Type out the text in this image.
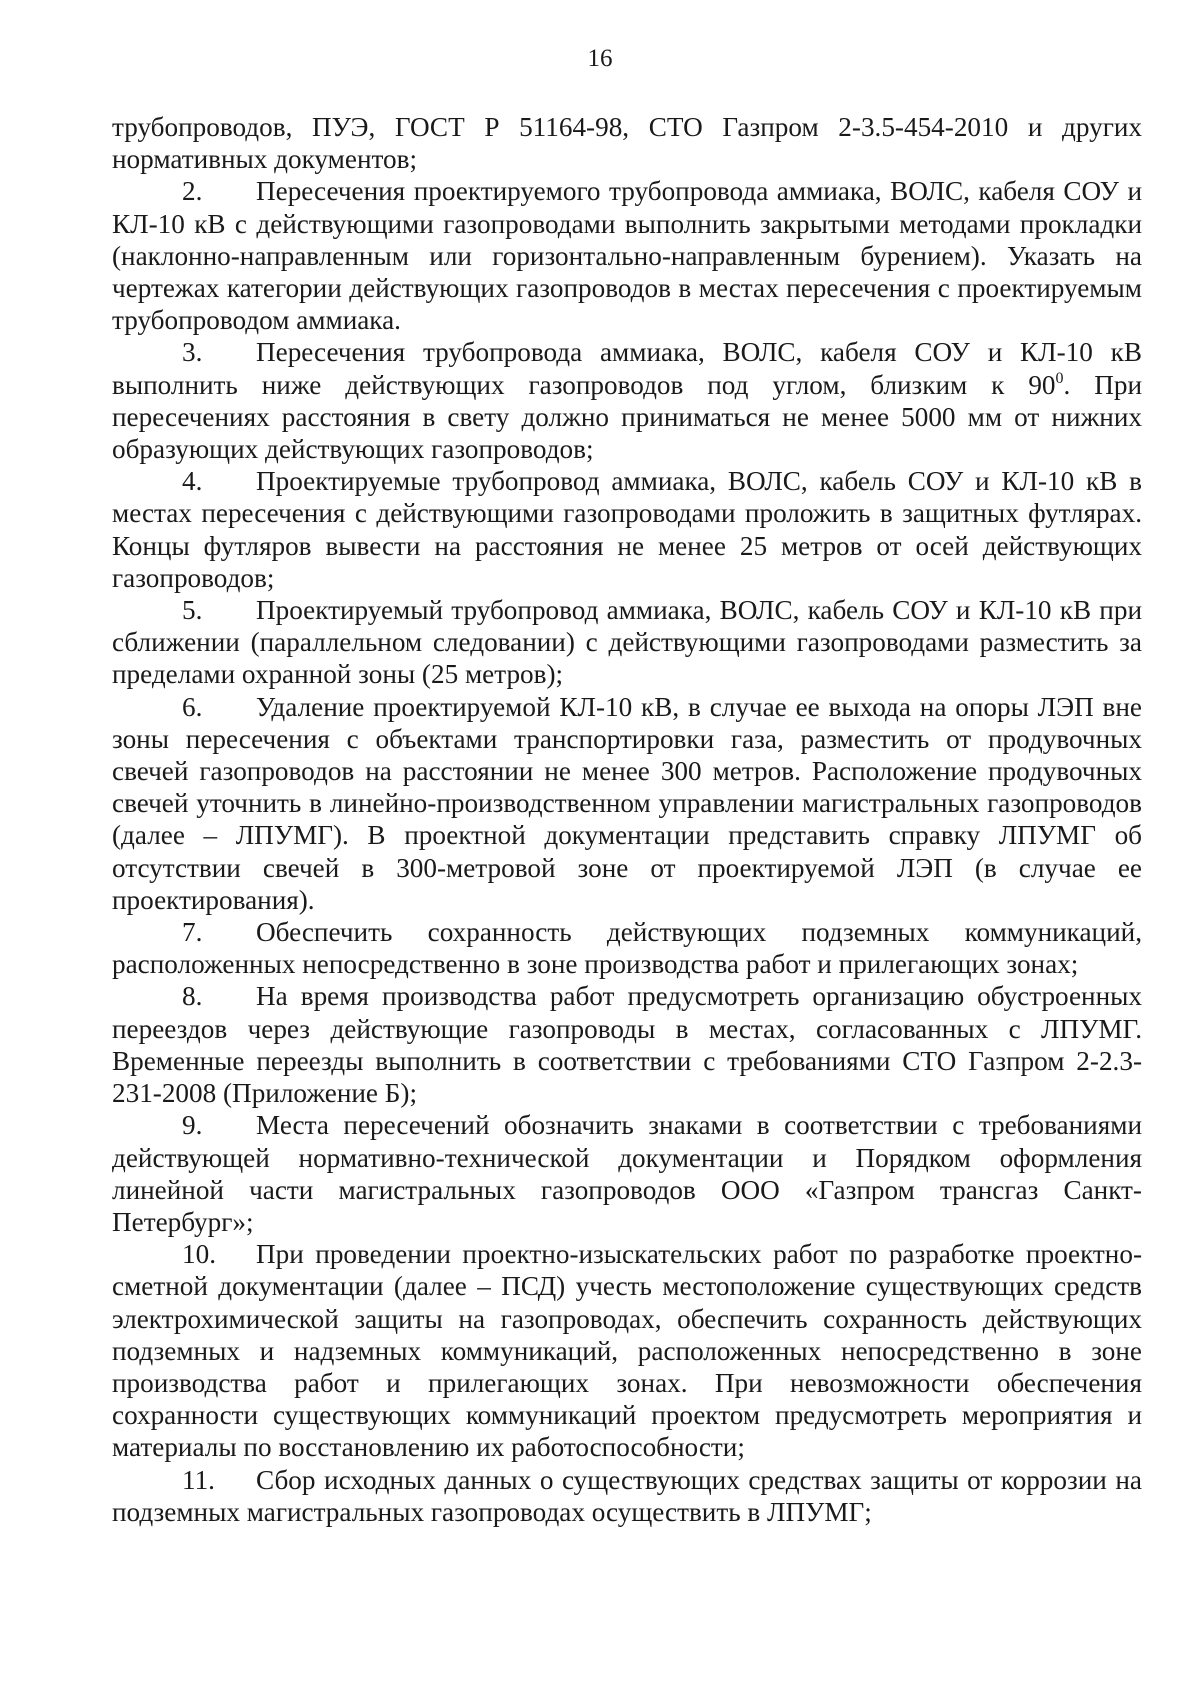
16

трубопроводов, ПУЭ, ГОСТ Р 51164-98, СТО Газпром 2-3.5-454-2010 и других нормативных документов;

2. Пересечения проектируемого трубопровода аммиака, ВОЛС, кабеля СОУ и КЛ-10 кВ с действующими газопроводами выполнить закрытыми методами прокладки (наклонно-направленным или горизонтально-направленным бурением). Указать на чертежах категории действующих газопроводов в местах пересечения с проектируемым трубопроводом аммиака.

3. Пересечения трубопровода аммиака, ВОЛС, кабеля СОУ и КЛ-10 кВ выполнить ниже действующих газопроводов под углом, близким к $90^0$. При пересечениях расстояния в свету должно приниматься не менее 5000 мм от нижних образующих действующих газопроводов;

4. Проектируемые трубопровод аммиака, ВОЛС, кабель СОУ и КЛ-10 кВ в местах пересечения с действующими газопроводами проложить в защитных футлярах. Концы футляров вывести на расстояния не менее 25 метров от осей действующих газопроводов;

5. Проектируемый трубопровод аммиака, ВОЛС, кабель СОУ и КЛ-10 кВ при сближении (параллельном следовании) с действующими газопроводами разместить за пределами охранной зоны (25 метров);

6. Удаление проектируемой КЛ-10 кВ, в случае ее выхода на опоры ЛЭП вне зоны пересечения с объектами транспортировки газа, разместить от продувочных свечей газопроводов на расстоянии не менее 300 метров. Расположение продувочных свечей уточнить в линейно-производственном управлении магистральных газопроводов (далее – ЛПУМГ). В проектной документации представить справку ЛПУМГ об отсутствии свечей в 300-метровой зоне от проектируемой ЛЭП (в случае ее проектирования).

7. Обеспечить сохранность действующих подземных коммуникаций, расположенных непосредственно в зоне производства работ и прилегающих зонах;

8. На время производства работ предусмотреть организацию обустроенных переездов через действующие газопроводы в местах, согласованных с ЛПУМГ. Временные переезды выполнить в соответствии с требованиями СТО Газпром 2-2.3-231-2008 (Приложение Б);

9. Места пересечений обозначить знаками в соответствии с требованиями действующей нормативно-технической документации и Порядком оформления линейной части магистральных газопроводов ООО «Газпром трансгаз Санкт-Петербург»;

10. При проведении проектно-изыскательских работ по разработке проектно-сметной документации (далее – ПСД) учесть местоположение существующих средств электрохимической защиты на газопроводах, обеспечить сохранность действующих подземных и надземных коммуникаций, расположенных непосредственно в зоне производства работ и прилегающих зонах. При невозможности обеспечения сохранности существующих коммуникаций проектом предусмотреть мероприятия и материалы по восстановлению их работоспособности;

11. Сбор исходных данных о существующих средствах защиты от коррозии на подземных магистральных газопроводах осуществить в ЛПУМГ;
